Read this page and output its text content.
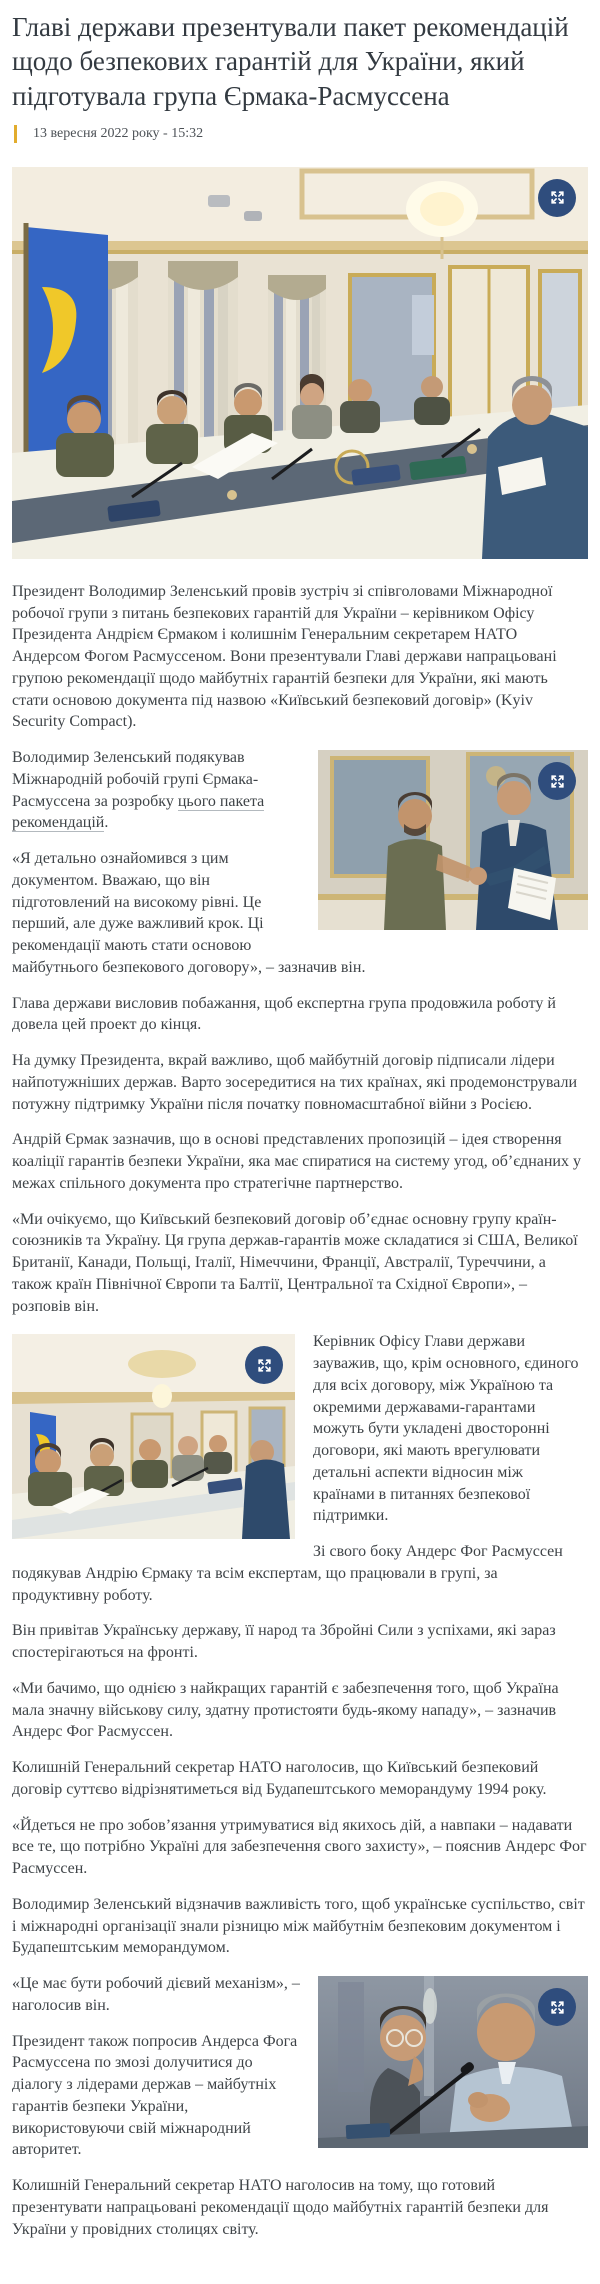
Главі держави презентували пакет рекомендацій щодо безпекових гарантій для України, який підготувала група Єрмака-Расмуссена
13 вересня 2022 року - 15:32

Президент Володимир Зеленський провів зустріч зі співголовами Міжнародної робочої групи з питань безпекових гарантій для України – керівником Офісу Президента Андрієм Єрмаком і колишнім Генеральним секретарем НАТО Андерсом Фогом Расмуссеном. Вони презентували Главі держави напрацьовані групою рекомендації щодо майбутніх гарантій безпеки для України, які мають стати основою документа під назвою «Київський безпековий договір» (Kyiv Security Compact).

Володимир Зеленський подякував Міжнародній робочій групі Єрмака-Расмуссена за розробку цього пакета рекомендацій.

«Я детально ознайомився з цим документом. Вважаю, що він підготовлений на високому рівні. Це перший, але дуже важливий крок. Ці рекомендації мають стати основою майбутнього безпекового договору», – зазначив він.

Глава держави висловив побажання, щоб експертна група продовжила роботу й довела цей проект до кінця.

На думку Президента, вкрай важливо, щоб майбутній договір підписали лідери найпотужніших держав. Варто зосередитися на тих країнах, які продемонстрували потужну підтримку України після початку повномасштабної війни з Росією.

Андрій Єрмак зазначив, що в основі представлених пропозицій – ідея створення коаліції гарантів безпеки України, яка має спиратися на систему угод, об’єднаних у межах спільного документа про стратегічне партнерство.

«Ми очікуємо, що Київський безпековий договір об’єднає основну групу країн-союзників та Україну. Ця група держав-гарантів може складатися зі США, Великої Британії, Канади, Польщі, Італії, Німеччини, Франції, Австралії, Туреччини, а також країн Північної Європи та Балтії, Центральної та Східної Європи», – розповів він.

Керівник Офісу Глави держави зауважив, що, крім основного, єдиного для всіх договору, між Україною та окремими державами-гарантами можуть бути укладені двосторонні договори, які мають врегулювати детальні аспекти відносин між країнами в питаннях безпекової підтримки.

Зі свого боку Андерс Фог Расмуссен подякував Андрію Єрмаку та всім експертам, що працювали в групі, за продуктивну роботу.

Він привітав Українську державу, її народ та Збройні Сили з успіхами, які зараз спостерігаються на фронті.

«Ми бачимо, що однією з найкращих гарантій є забезпечення того, щоб Україна мала значну військову силу, здатну протистояти будь-якому нападу», – зазначив Андерс Фог Расмуссен.

Колишній Генеральний секретар НАТО наголосив, що Київський безпековий договір суттєво відрізнятиметься від Будапештського меморандуму 1994 року.

«Йдеться не про зобов’язання утримуватися від якихось дій, а навпаки – надавати все те, що потрібно Україні для забезпечення свого захисту», – пояснив Андерс Фог Расмуссен.

Володимир Зеленський відзначив важливість того, щоб українське суспільство, світ і міжнародні організації знали різницю між майбутнім безпековим документом і Будапештським меморандумом.

«Це має бути робочий дієвий механізм», – наголосив він.

Президент також попросив Андерса Фога Расмуссена по змозі долучитися до діалогу з лідерами держав – майбутніх гарантів безпеки України, використовуючи свій міжнародний авторитет.

Колишній Генеральний секретар НАТО наголосив на тому, що готовий презентувати напрацьовані рекомендації щодо майбутніх гарантій безпеки для України у провідних столицях світу.
